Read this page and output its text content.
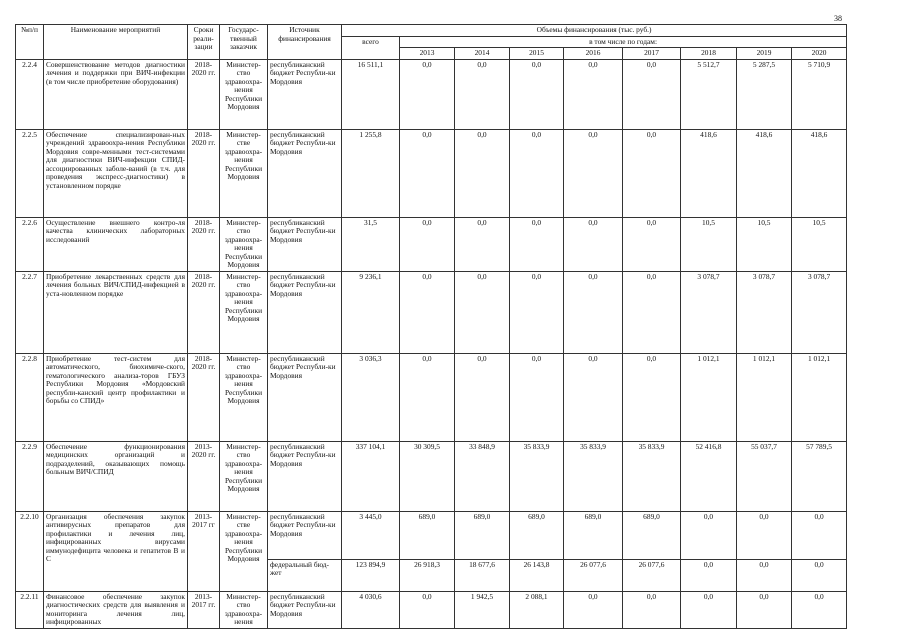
38
№п/п	Наименование мероприятий	Сроки реали-зации	Государс-твенный заказчик	Источник финансирования	Объемы финансирования (тыс. руб.)								
					всего	в том числе по годам:							
						2013	2014	2015	2016	2017	2018	2019	2020
2.2.4	Совершенствование методов диагностики лечения и поддержки при ВИЧ-инфекции (в том числе приобретение оборудования)	2018-2020 гг.	Министер-ство здравоохра-нения Республики Мордовия	республиканский бюджет Республи-ки Мордовия	16 511,1	0,0	0,0	0,0	0,0	0,0	5 512,7	5 287,5	5 710,9
2.2.5	Обеспечение специализирован-ных учреждений здравоохра-нения Республики Мордовия совре-менными тест-системами для диагностики ВИЧ-инфекции СПИД-ассоциированных заболе-ваний (в т.ч. для проведения экспресс-диагностики) в установленном порядке	2018-2020 гг.	Министер-стве здравоохра-нения Республики Мордовия	республиканский бюджет Республи-ки Мордовия	1 255,8	0,0	0,0	0,0	0,0	0,0	418,6	418,6	418,6
2.2.6	Осуществление внешнего контро-ля качества клинических лабораторных исследований	2018-2020 гг.	Министер-ство здравоохра-нения Республики Мордовия	республиканский бюджет Республи-ки Мордовия	31,5	0,0	0,0	0,0	0,0	0,0	10,5	10,5	10,5
2.2.7	Приобретение лекарственных средств для лечения больных ВИЧ/СПИД-инфекцией в уста-новленном порядке	2018-2020 гг.	Министер-ство здравоохра-нения Республики Мордовия	республиканский бюджет Республи-ки Мордовия	9 236,1	0,0	0,0	0,0	0,0	0,0	3 078,7	3 078,7	3 078,7
2.2.8	Приобретение тест-систем для автоматического, биохимиче-ского, гематологического анализа-торов ГБУЗ Республики Мордовия «Мордовский республи-канский центр профилактики и борьбы со СПИД»	2018-2020 гг.	Министер-ство здравоохра-нения Республики Мордовия	республиканский бюджет Республи-ки Мордовия	3 036,3	0,0	0,0	0,0	0,0	0,0	1 012,1	1 012,1	1 012,1
2.2.9	Обеспечение функционирования медицинских организаций и подразделений, оказывающих помощь больным ВИЧ/СПИД	2013-2020 гг.	Министер-ство здравоохра-нения Республики Мордовия	республиканский бюджет Республи-ки Мордовия	337 104,1	30 309,5	33 848,9	35 833,9	35 833,9	35 833,9	52 416,8	55 037,7	57 789,5
2.2.10	Организация обеспечения закупок антивирусных препаратов для профилактики и лечения лиц, инфицированных вирусами иммунодефицита человека и гепатитов В и С	2013-2017 гг	Министер-стве здравоохра-нения Республики Мордовия	республиканский бюджет Республи-ки Мордовия	3 445,0	689,0	689,0	689,0	689,0	689,0	0,0	0,0	0,0
				федеральный бюд-жет	123 894,9	26 918,3	18 677,6	26 143,8	26 077,6	26 077,6	0,0	0,0	0,0
2.2.11	Финансовое обеспечение закупок диагностических средств для выявления и мониторинга лечения лиц, инфицированных	2013-2017 гг.	Министер-ство здравоохра-нения	республиканский бюджет Республи-ки Мордовия	4 030,6	0,0	1 942,5	2 088,1	0,0	0,0	0,0	0,0	0,0
